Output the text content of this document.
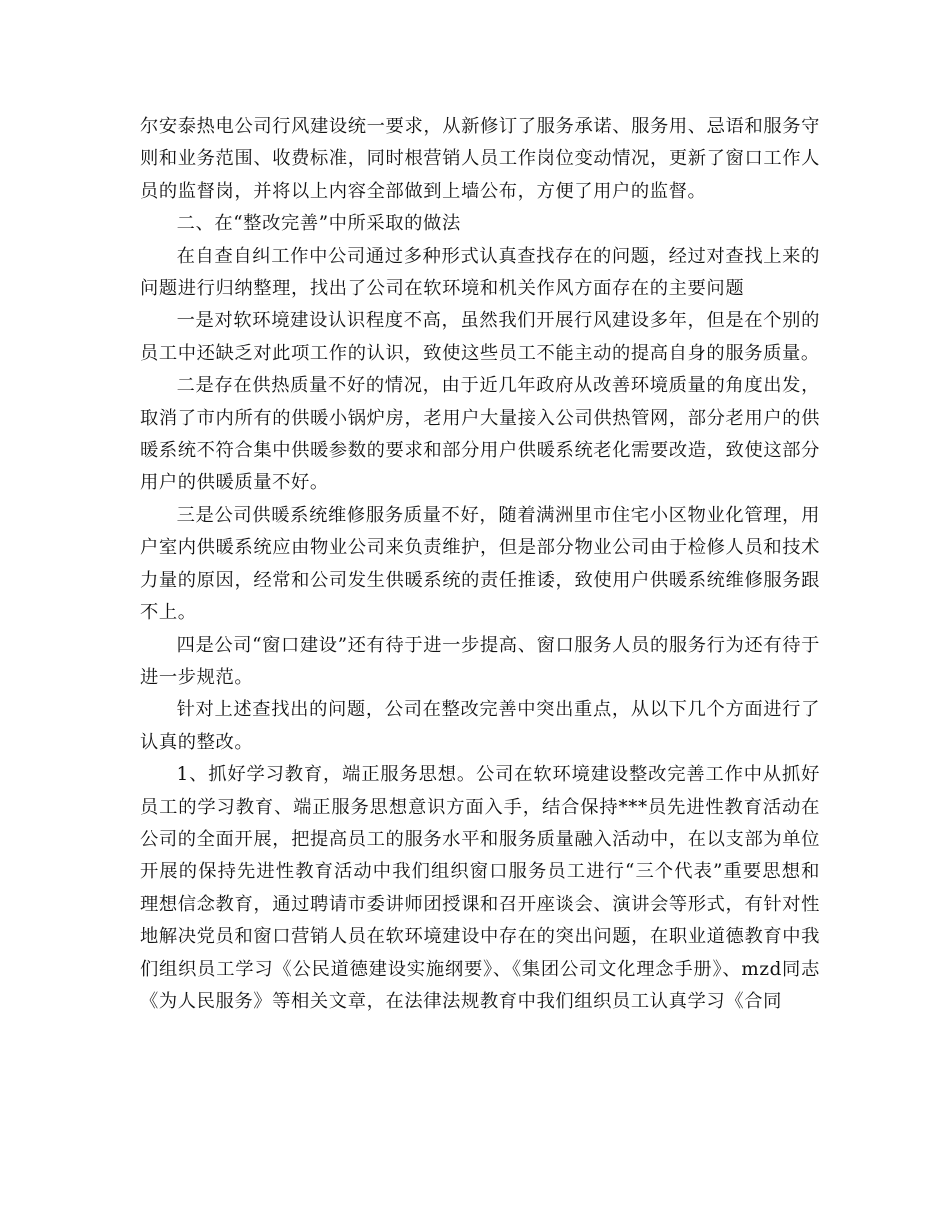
尔安泰热电公司行风建设统一要求，从新修订了服务承诺、服务用、忌语和服务守则和业务范围、收费标准，同时根营销人员工作岗位变动情况，更新了窗口工作人员的监督岗，并将以上内容全部做到上墙公布，方便了用户的监督。

二、在“整改完善”中所采取的做法

在自查自纠工作中公司通过多种形式认真查找存在的问题，经过对查找上来的问题进行归纳整理，找出了公司在软环境和机关作风方面存在的主要问题

一是对软环境建设认识程度不高，虽然我们开展行风建设多年，但是在个别的员工中还缺乏对此项工作的认识，致使这些员工不能主动的提高自身的服务质量。

二是存在供热质量不好的情况，由于近几年政府从改善环境质量的角度出发，取消了市内所有的供暖小锅炉房，老用户大量接入公司供热管网，部分老用户的供暖系统不符合集中供暖参数的要求和部分用户供暖系统老化需要改造，致使这部分用户的供暖质量不好。

三是公司供暖系统维修服务质量不好，随着满洲里市住宅小区物业化管理，用户室内供暖系统应由物业公司来负责维护，但是部分物业公司由于检修人员和技术力量的原因，经常和公司发生供暖系统的责任推诿，致使用户供暖系统维修服务跟不上。

四是公司“窗口建设”还有待于进一步提高、窗口服务人员的服务行为还有待于进一步规范。

针对上述查找出的问题，公司在整改完善中突出重点，从以下几个方面进行了认真的整改。

1、抓好学习教育，端正服务思想。公司在软环境建设整改完善工作中从抓好员工的学习教育、端正服务思想意识方面入手，结合保持***员先进性教育活动在公司的全面开展，把提高员工的服务水平和服务质量融入活动中，在以支部为单位开展的保持先进性教育活动中我们组织窗口服务员工进行“三个代表”重要思想和理想信念教育，通过聘请市委讲师团授课和召开座谈会、演讲会等形式，有针对性地解决党员和窗口营销人员在软环境建设中存在的突出问题，在职业道德教育中我们组织员工学习《公民道德建设实施纲要》、《集团公司文化理念手册》、mzd同志《为人民服务》等相关文章，在法律法规教育中我们组织员工认真学习《合同
